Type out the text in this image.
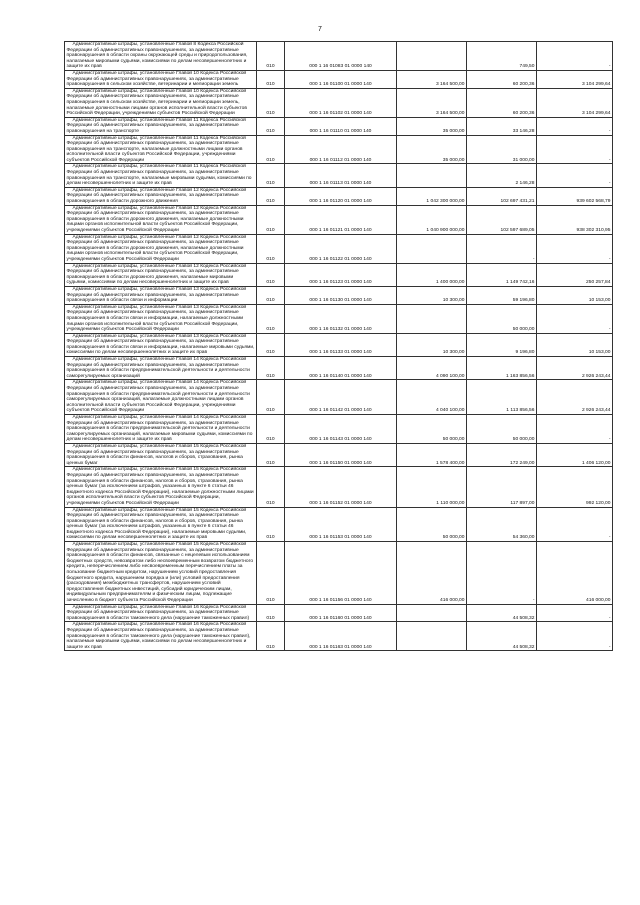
7
Административные штрафы, установленные Главой 8 Кодекса Российской Федерации об административных правонарушениях, за административные правонарушения в области охраны окружающей среды и природопользования, налагаемые мировыми судьями, комиссиями по делам несовершеннолетних и защите их прав	010	000 1 16 01083 01 0000 140		749,50	-
Административные штрафы, установленные Главой 10 Кодекса Российской Федерации об административных правонарушениях, за административные правонарушения в сельском хозяйстве, ветеринарии и мелиорации земель	010	000 1 16 01100 01 0000 140	3 164 500,00	60 200,36	3 104 299,64
Административные штрафы, установленные Главой 10 Кодекса Российской Федерации об административных правонарушениях, за административные правонарушения в сельском хозяйстве, ветеринарии и мелиорации земель, налагаемые должностными лицами органов исполнительной власти субъектов Российской Федерации, учреждениями субъектов Российской Федерации	010	000 1 16 01102 01 0000 140	3 164 500,00	60 200,36	3 104 299,64
Административные штрафы, установленные Главой 11 Кодекса Российской Федерации об административных правонарушениях, за административные правонарушения на транспорте	010	000 1 16 01110 01 0000 140	35 000,00	33 146,28	-
Административные штрафы, установленные Главой 11 Кодекса Российской Федерации об административных правонарушениях, за административные правонарушения на транспорте, налагаемые должностными лицами органов исполнительной власти субъектов Российской Федерации, учреждениями субъектов Российской Федерации	010	000 1 16 01112 01 0000 140	35 000,00	31 000,00	-
Административные штрафы, установленные Главой 11 Кодекса Российской Федерации об административных правонарушениях, за административные правонарушения на транспорте, налагаемые мировыми судьями, комиссиями по делам несовершеннолетних и защите их прав	010	000 1 16 01113 01 0000 140		2 146,28	-
Административные штрафы, установленные Главой 12 Кодекса Российской Федерации об административных правонарушениях, за административные правонарушения в области дорожного движения	010	000 1 16 01120 01 0000 140	1 042 300 000,00	102 697 431,21	939 602 568,79
Административные штрафы, установленные Главой 12 Кодекса Российской Федерации об административных правонарушениях, за административные правонарушения в области дорожного движения, налагаемые должностными лицами органов исполнительной власти субъектов Российской Федерации, учреждениями субъектов Российской Федерации	010	000 1 16 01121 01 0000 140	1 040 900 000,00	102 597 689,05	938 302 310,95
Административные штрафы, установленные Главой 12 Кодекса Российской Федерации об административных правонарушениях, за административные правонарушения в области дорожного движения, налагаемые должностными лицами органов исполнительной власти субъектов Российской Федерации, учреждениями субъектов Российской Федерации	010	000 1 16 01122 01 0000 140		-	-
Административные штрафы, установленные Главой 12 Кодекса Российской Федерации об административных правонарушениях, за административные правонарушения в области дорожного движения, налагаемые мировыми судьями, комиссиями по делам несовершеннолетних и защите их прав	010	000 1 16 01123 01 0000 140	1 400 000,00	1 149 742,16	250 257,84
Административные штрафы, установленные Главой 13 Кодекса Российской Федерации об административных правонарушениях, за административные правонарушения в области связи и информации	010	000 1 16 01130 01 0000 140	10 300,00	59 196,80	10 153,00
Административные штрафы, установленные Главой 13 Кодекса Российской Федерации об административных правонарушениях, за административные правонарушения в области связи и информации, налагаемые должностными лицами органов исполнительной власти субъектов Российской Федерации, учреждениями субъектов Российской Федерации	010	000 1 16 01132 01 0000 140		50 000,00	-
Административные штрафы, установленные Главой 13 Кодекса Российской Федерации об административных правонарушениях, за административные правонарушения в области связи и информации, налагаемые мировыми судьями, комиссиями по делам несовершеннолетних и защите их прав	010	000 1 16 01133 01 0000 140	10 300,00	9 196,80	10 153,00
Административные штрафы, установленные Главой 14 Кодекса Российской Федерации об административных правонарушениях, за административные правонарушения в области предпринимательской деятельности и деятельности саморегулируемых организаций	010	000 1 16 01140 01 0000 140	4 090 100,00	1 163 856,56	2 926 243,44
Административные штрафы, установленные Главой 14 Кодекса Российской Федерации об административных правонарушениях, за административные правонарушения в области предпринимательской деятельности и деятельности саморегулируемых организаций, налагаемые должностными лицами органов исполнительной власти субъектов Российской Федерации, учреждениями субъектов Российской Федерации	010	000 1 16 01142 01 0000 140	4 040 100,00	1 113 856,56	2 926 243,44
Административные штрафы, установленные Главой 14 Кодекса Российской Федерации об административных правонарушениях, за административные правонарушения в области предпринимательской деятельности и деятельности саморегулируемых организаций, налагаемые мировыми судьями, комиссиями по делам несовершеннолетних и защите их прав	010	000 1 16 01143 01 0000 140	50 000,00	50 000,00	-
Административные штрафы, установленные Главой 15 Кодекса Российской Федерации об административных правонарушениях, за административные правонарушения в области финансов, налогов и сборов, страхования, рынка ценных бумаг	010	000 1 16 01150 01 0000 140	1 578 400,00	172 249,00	1 406 120,00
Административные штрафы, установленные Главой 15 Кодекса Российской Федерации об административных правонарушениях, за административные правонарушения в области финансов, налогов и сборов, страхования, рынка ценных бумаг (за исключением штрафов, указанных в пункте 6 статьи 46 Бюджетного кодекса Российской Федерации), налагаемые должностными лицами органов исполнительной власти субъектов Российской Федерации, учреждениями субъектов Российской Федерации	010	000 1 16 01152 01 0000 140	1 110 000,00	117 897,00	992 120,00
Административные штрафы, установленные Главой 15 Кодекса Российской Федерации об административных правонарушениях, за административные правонарушения в области финансов, налогов и сборов, страхования, рынка ценных бумаг (за исключением штрафов, указанных в пункте 6 статьи 46 Бюджетного кодекса Российской Федерации), налагаемые мировыми судьями, комиссиями по делам несовершеннолетних и защите их прав	010	000 1 16 01153 01 0000 140	50 000,00	54 360,00	-
Административные штрафы, установленные Главой 15 Кодекса Российской Федерации об административных правонарушениях, за административные правонарушения в области финансов, связанные с нецелевым использованием бюджетных средств, невозвратом либо несвоевременным возвратом бюджетного кредита, неперечислением либо несвоевременным перечислением платы за пользование бюджетным кредитом, нарушением условий предоставления бюджетного кредита, нарушением порядка и (или) условий предоставления (расходования) межбюджетных трансфертов, нарушением условий предоставления бюджетных инвестиций, субсидий юридическим лицам, индивидуальным предпринимателям и физическим лицам, подлежащие зачислению в бюджет субъекта Российской Федерации	010	000 1 16 01156 01 0000 140	416 000,00	-	416 000,00
Административные штрафы, установленные Главой 16 Кодекса Российской Федерации об административных правонарушениях, за административные правонарушения в области таможенного дела (нарушение таможенных правил)	010	000 1 16 01160 01 0000 140		44 508,32	-
Административные штрафы, установленные Главой 16 Кодекса Российской Федерации об административных правонарушениях, за административные правонарушения в области таможенного дела (нарушение таможенных правил), налагаемые мировыми судьями, комиссиями по делам несовершеннолетних и защите их прав	010	000 1 16 01163 01 0000 140		44 508,32	-
